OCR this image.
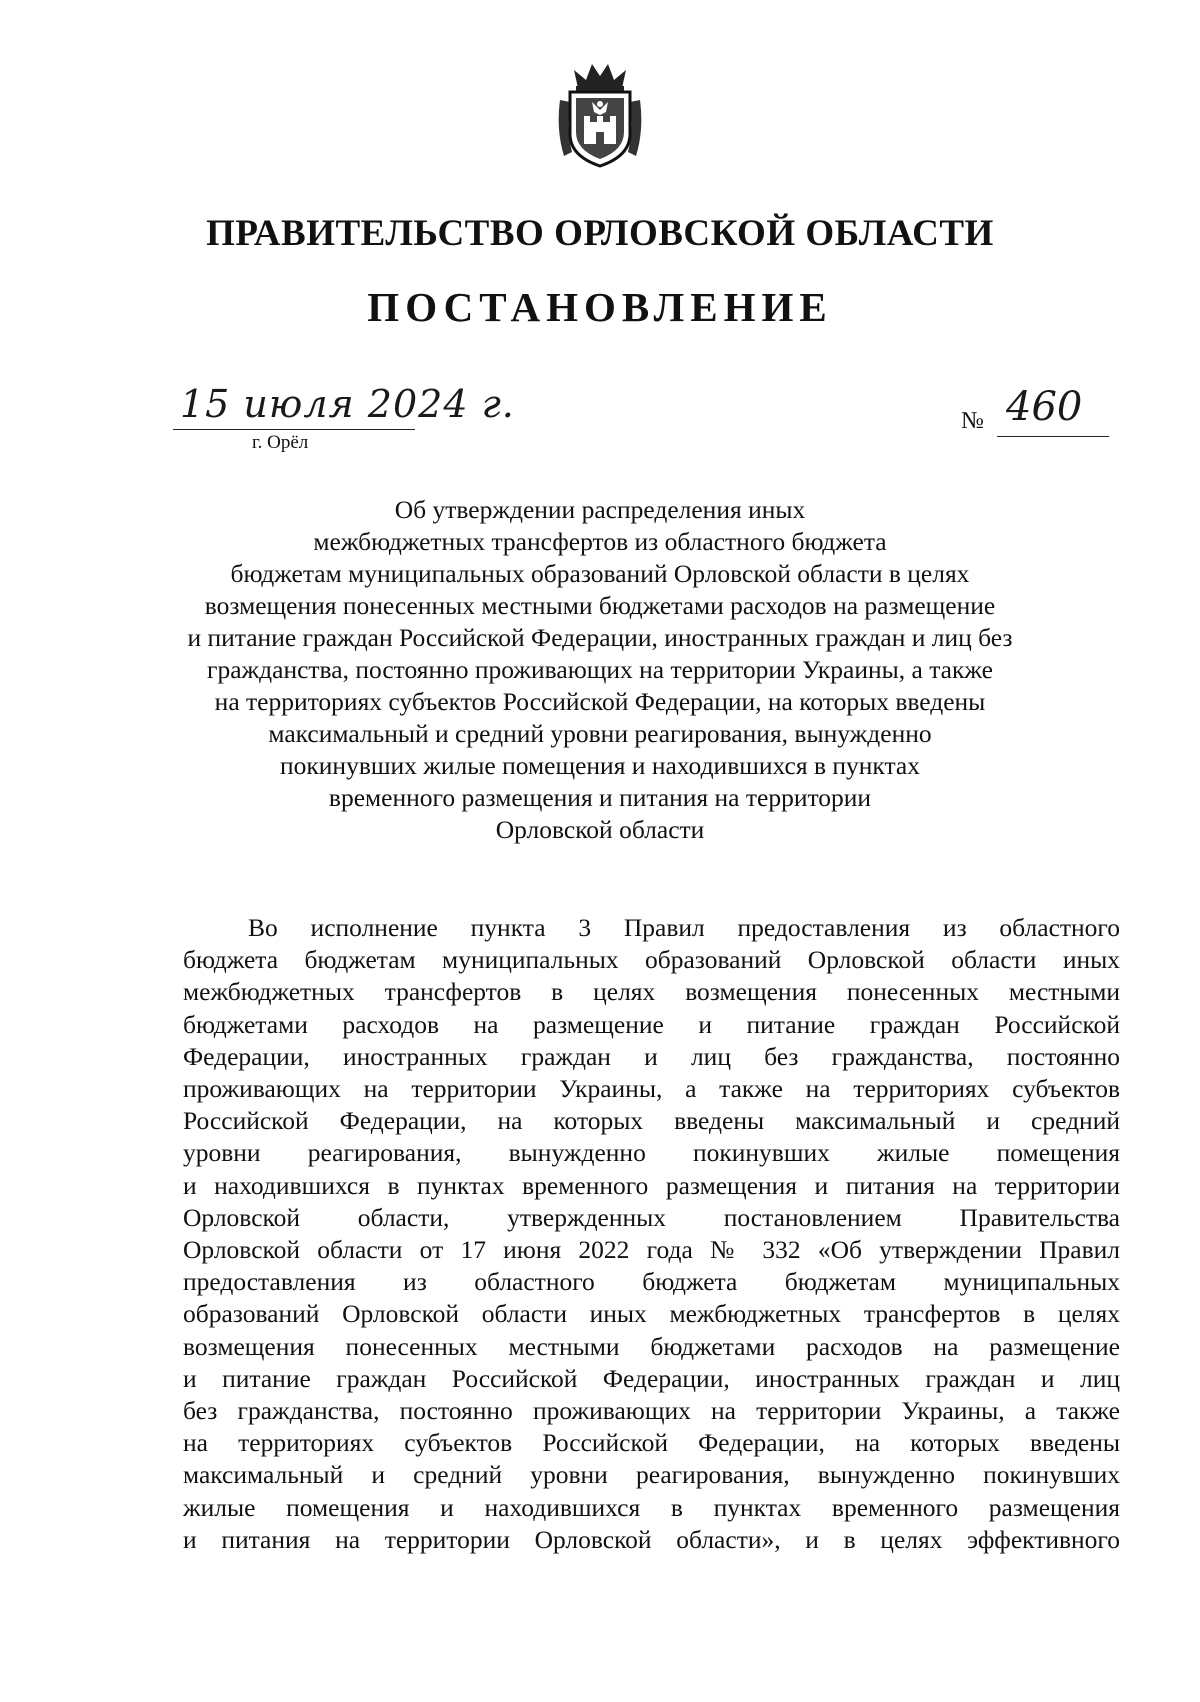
ПРАВИТЕЛЬСТВО ОРЛОВСКОЙ ОБЛАСТИ
ПОСТАНОВЛЕНИЕ
15 июля 2024 г.
г. Орёл
№ 460
Об утверждении распределения иных
межбюджетных трансфертов из областного бюджета
бюджетам муниципальных образований Орловской области в целях
возмещения понесенных местными бюджетами расходов на размещение
и питание граждан Российской Федерации, иностранных граждан и лиц без
гражданства, постоянно проживающих на территории Украины, а также
на территориях субъектов Российской Федерации, на которых введены
максимальный и средний уровни реагирования, вынужденно
покинувших жилые помещения и находившихся в пунктах
временного размещения и питания на территории
Орловской области
Во исполнение пункта 3 Правил предоставления из областного
бюджета бюджетам муниципальных образований Орловской области иных
межбюджетных трансфертов в целях возмещения понесенных местными
бюджетами расходов на размещение и питание граждан Российской
Федерации, иностранных граждан и лиц без гражданства, постоянно
проживающих на территории Украины, а также на территориях субъектов
Российской Федерации, на которых введены максимальный и средний
уровни реагирования, вынужденно покинувших жилые помещения
и находившихся в пунктах временного размещения и питания на территории
Орловской области, утвержденных постановлением Правительства
Орловской области от 17 июня 2022 года № 332 «Об утверждении Правил
предоставления из областного бюджета бюджетам муниципальных
образований Орловской области иных межбюджетных трансфертов в целях
возмещения понесенных местными бюджетами расходов на размещение
и питание граждан Российской Федерации, иностранных граждан и лиц
без гражданства, постоянно проживающих на территории Украины, а также
на территориях субъектов Российской Федерации, на которых введены
максимальный и средний уровни реагирования, вынужденно покинувших
жилые помещения и находившихся в пунктах временного размещения
и питания на территории Орловской области», и в целях эффективного
